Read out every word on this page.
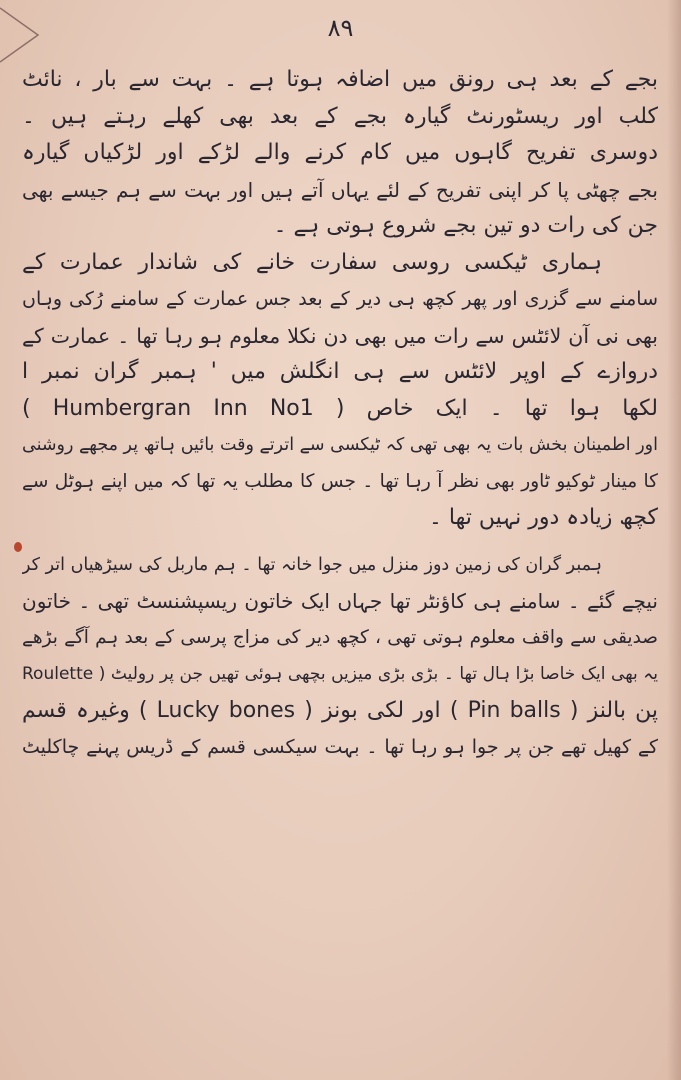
۸۹
بجے کے بعد ہی رونق میں اضافہ ہوتا ہے ۔ بہت سے بار ، نائٹ
کلب اور ریسٹورنٹ گیارہ بجے کے بعد بھی کھلے رہتے ہیں ۔
دوسری تفریح گاہوں میں کام کرنے والے لڑکے اور لڑکیاں گیارہ
بجے چھٹی پا کر اپنی تفریح کے لئے یہاں آتے ہیں اور بہت سے ہم جیسے بھی
جن کی رات دو تین بجے شروع ہوتی ہے ۔
ہماری ٹیکسی روسی سفارت خانے کی شاندار عمارت کے
سامنے سے گزری اور پھر کچھ ہی دیر کے بعد جس عمارت کے سامنے رُکی وہاں
بھی نی آن لائٹس سے رات میں بھی دن نکلا معلوم ہو رہا تھا ۔ عمارت کے
دروازے کے اوپر لائٹس سے ہی انگلش میں ' ہمبر گران نمبر ا
( Humbergran Inn No1 ) لکھا ہوا تھا ۔ ایک خاص
اور اطمینان بخش بات یہ بھی تھی کہ ٹیکسی سے اترتے وقت بائیں ہاتھ پر مجھے روشنی
کا مینار ٹوکیو ٹاور بھی نظر آ رہا تھا ۔ جس کا مطلب یہ تھا کہ میں اپنے ہوٹل سے
کچھ زیادہ دور نہیں تھا ۔
ہمبر گران کی زمین دوز منزل میں جوا خانہ تھا ۔ ہم ماربل کی سیڑھیاں اتر کر
نیچے گئے ۔ سامنے ہی کاؤنٹر تھا جہاں ایک خاتون ریسپشنسٹ تھی ۔ خاتون
صدیقی سے واقف معلوم ہوتی تھی ، کچھ دیر کی مزاج پرسی کے بعد ہم آگے بڑھے
یہ بھی ایک خاصا بڑا ہال تھا ۔ بڑی بڑی میزیں بچھی ہوئی تھیں جن پر رولیٹ ( Roulette
پن بالنز ( Pin balls ) اور لکی بونز ( Lucky bones ) وغیرہ قسم
کے کھیل تھے جن پر جوا ہو رہا تھا ۔ بہت سیکسی قسم کے ڈریس پہنے چاکلیٹ
